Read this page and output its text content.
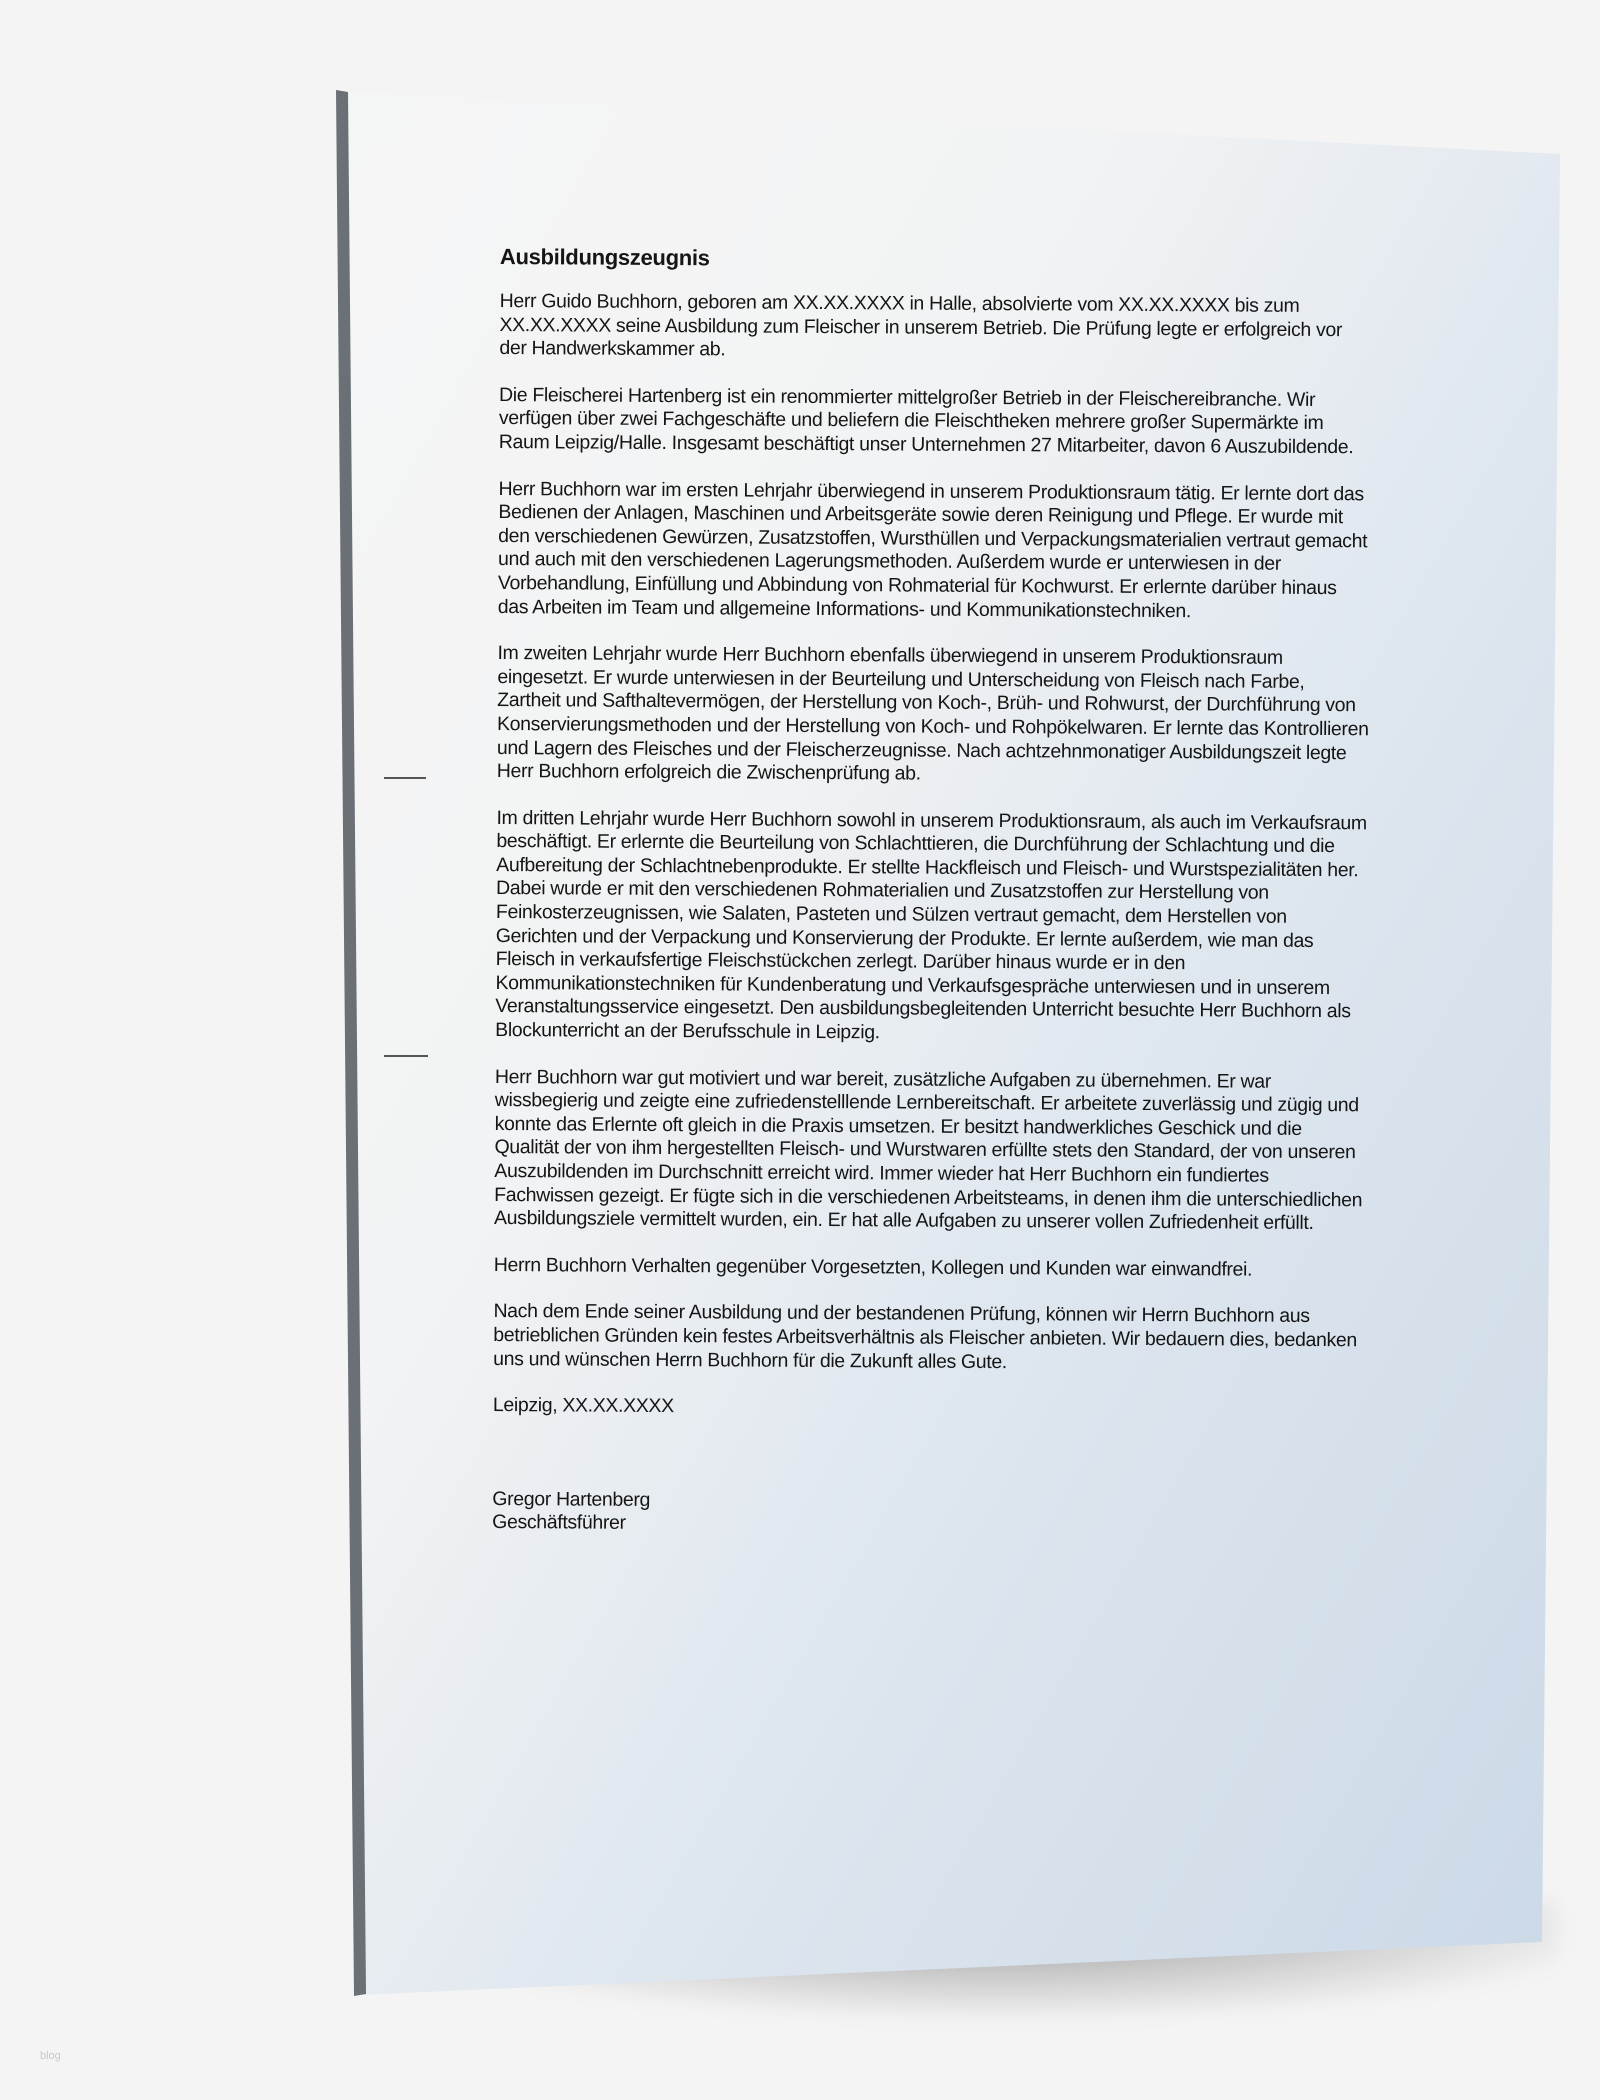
Ausbildungszeugnis
Herr Guido Buchhorn, geboren am XX.XX.XXXX in Halle, absolvierte vom XX.XX.XXXX bis zum
XX.XX.XXXX seine Ausbildung zum Fleischer in unserem Betrieb. Die Prüfung legte er erfolgreich vor
der Handwerkskammer ab.
Die Fleischerei Hartenberg ist ein renommierter mittelgroßer Betrieb in der Fleischereibranche. Wir
verfügen über zwei Fachgeschäfte und beliefern die Fleischtheken mehrere großer Supermärkte im
Raum Leipzig/Halle. Insgesamt beschäftigt unser Unternehmen 27 Mitarbeiter, davon 6 Auszubildende.
Herr Buchhorn war im ersten Lehrjahr überwiegend in unserem Produktionsraum tätig. Er lernte dort das
Bedienen der Anlagen, Maschinen und Arbeitsgeräte sowie deren Reinigung und Pflege. Er wurde mit
den verschiedenen Gewürzen, Zusatzstoffen, Wursthüllen und Verpackungsmaterialien vertraut gemacht
und auch mit den verschiedenen Lagerungsmethoden. Außerdem wurde er unterwiesen in der
Vorbehandlung, Einfüllung und Abbindung von Rohmaterial für Kochwurst. Er erlernte darüber hinaus
das Arbeiten im Team und allgemeine Informations- und Kommunikationstechniken.
Im zweiten Lehrjahr wurde Herr Buchhorn ebenfalls überwiegend in unserem Produktionsraum
eingesetzt. Er wurde unterwiesen in der Beurteilung und Unterscheidung von Fleisch nach Farbe,
Zartheit und Safthaltevermögen, der Herstellung von Koch-, Brüh- und Rohwurst, der Durchführung von
Konservierungsmethoden und der Herstellung von Koch- und Rohpökelwaren. Er lernte das Kontrollieren
und Lagern des Fleisches und der Fleischerzeugnisse. Nach achtzehnmonatiger Ausbildungszeit legte
Herr Buchhorn erfolgreich die Zwischenprüfung ab.
Im dritten Lehrjahr wurde Herr Buchhorn sowohl in unserem Produktionsraum, als auch im Verkaufsraum
beschäftigt. Er erlernte die Beurteilung von Schlachttieren, die Durchführung der Schlachtung und die
Aufbereitung der Schlachtnebenprodukte. Er stellte Hackfleisch und Fleisch- und Wurstspezialitäten her.
Dabei wurde er mit den verschiedenen Rohmaterialien und Zusatzstoffen zur Herstellung von
Feinkosterzeugnissen, wie Salaten, Pasteten und Sülzen vertraut gemacht, dem Herstellen von
Gerichten und der Verpackung und Konservierung der Produkte. Er lernte außerdem, wie man das
Fleisch in verkaufsfertige Fleischstückchen zerlegt. Darüber hinaus wurde er in den
Kommunikationstechniken für Kundenberatung und Verkaufsgespräche unterwiesen und in unserem
Veranstaltungsservice eingesetzt. Den ausbildungsbegleitenden Unterricht besuchte Herr Buchhorn als
Blockunterricht an der Berufsschule in Leipzig.
Herr Buchhorn war gut motiviert und war bereit, zusätzliche Aufgaben zu übernehmen. Er war
wissbegierig und zeigte eine zufriedenstelllende Lernbereitschaft. Er arbeitete zuverlässig und zügig und
konnte das Erlernte oft gleich in die Praxis umsetzen. Er besitzt handwerkliches Geschick und die
Qualität der von ihm hergestellten Fleisch- und Wurstwaren erfüllte stets den Standard, der von unseren
Auszubildenden im Durchschnitt erreicht wird. Immer wieder hat Herr Buchhorn ein fundiertes
Fachwissen gezeigt. Er fügte sich in die verschiedenen Arbeitsteams, in denen ihm die unterschiedlichen
Ausbildungsziele vermittelt wurden, ein. Er hat alle Aufgaben zu unserer vollen Zufriedenheit erfüllt.
Herrn Buchhorn Verhalten gegenüber Vorgesetzten, Kollegen und Kunden war einwandfrei.
Nach dem Ende seiner Ausbildung und der bestandenen Prüfung, können wir Herrn Buchhorn aus
betrieblichen Gründen kein festes Arbeitsverhältnis als Fleischer anbieten. Wir bedauern dies, bedanken
uns und wünschen Herrn Buchhorn für die Zukunft alles Gute.
Leipzig, XX.XX.XXXX
Gregor Hartenberg
Geschäftsführer
blog
